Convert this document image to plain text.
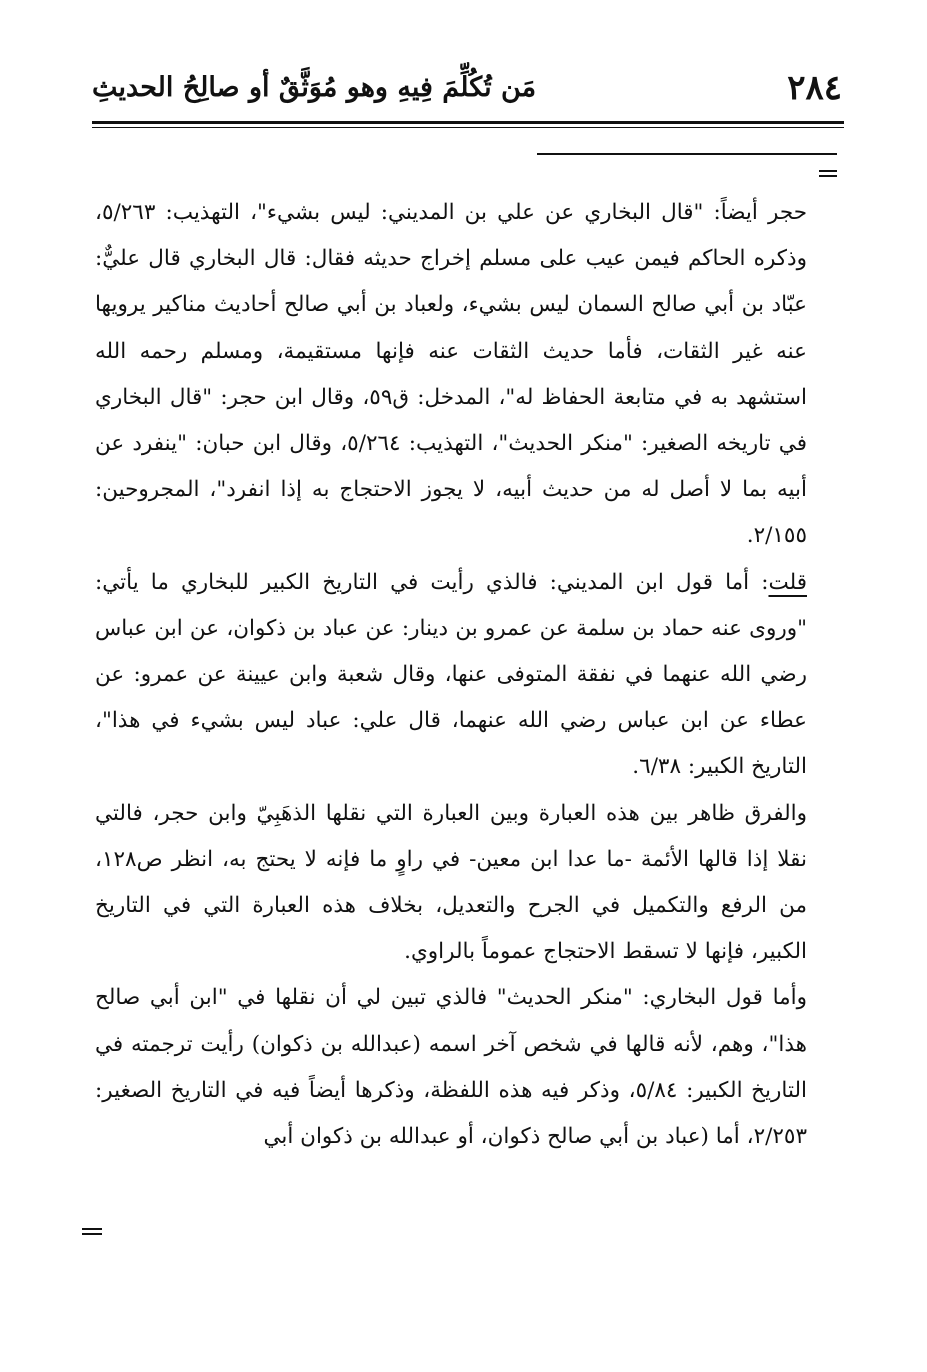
٢٨٤
مَن تُكُلِّمَ فِيهِ وهو مُوَثَّقٌ أو صالِحُ الحديثِ

حجر أيضاً: "قال البخاري عن علي بن المديني: ليس بشيء"، التهذيب: ٥/٢٦٣، وذكره الحاكم فيمن عيب على مسلم إخراج حديثه فقال: قال البخاري قال عليٌّ: عبّاد بن أبي صالح السمان ليس بشيء، ولعباد بن أبي صالح أحاديث مناكير يرويها عنه غير الثقات، فأما حديث الثقات عنه فإنها مستقيمة، ومسلم رحمه الله استشهد به في متابعة الحفاظ له"، المدخل: ق٥٩، وقال ابن حجر: "قال البخاري في تاريخه الصغير: "منكر الحديث"، التهذيب: ٥/٢٦٤، وقال ابن حبان: "ينفرد عن أبيه بما لا أصل له من حديث أبيه، لا يجوز الاحتجاج به إذا انفرد"، المجروحين: ٢/١٥٥.

قلت: أما قول ابن المديني: فالذي رأيت في التاريخ الكبير للبخاري ما يأتي: "وروى عنه حماد بن سلمة عن عمرو بن دينار: عن عباد بن ذكوان، عن ابن عباس رضي الله عنهما في نفقة المتوفى عنها، وقال شعبة وابن عيينة عن عمرو: عن عطاء عن ابن عباس رضي الله عنهما، قال علي: عباد ليس بشيء في هذا"، التاريخ الكبير: ٦/٣٨.

والفرق ظاهر بين هذه العبارة وبين العبارة التي نقلها الذهَبِيّ وابن حجر، فالتي نقلا إذا قالها الأئمة -ما عدا ابن معين- في راوٍ ما فإنه لا يحتج به، انظر ص١٢٨، من الرفع والتكميل في الجرح والتعديل، بخلاف هذه العبارة التي في التاريخ الكبير، فإنها لا تسقط الاحتجاج عموماً بالراوي.

وأما قول البخاري: "منكر الحديث" فالذي تبين لي أن نقلها في "ابن أبي صالح هذا"، وهم، لأنه قالها في شخص آخر اسمه (عبدالله بن ذكوان) رأيت ترجمته في التاريخ الكبير: ٥/٨٤، وذكر فيه هذه اللفظة، وذكرها أيضاً فيه في التاريخ الصغير: ٢/٢٥٣، أما (عباد بن أبي صالح ذكوان، أو عبدالله بن ذكوان أبي
